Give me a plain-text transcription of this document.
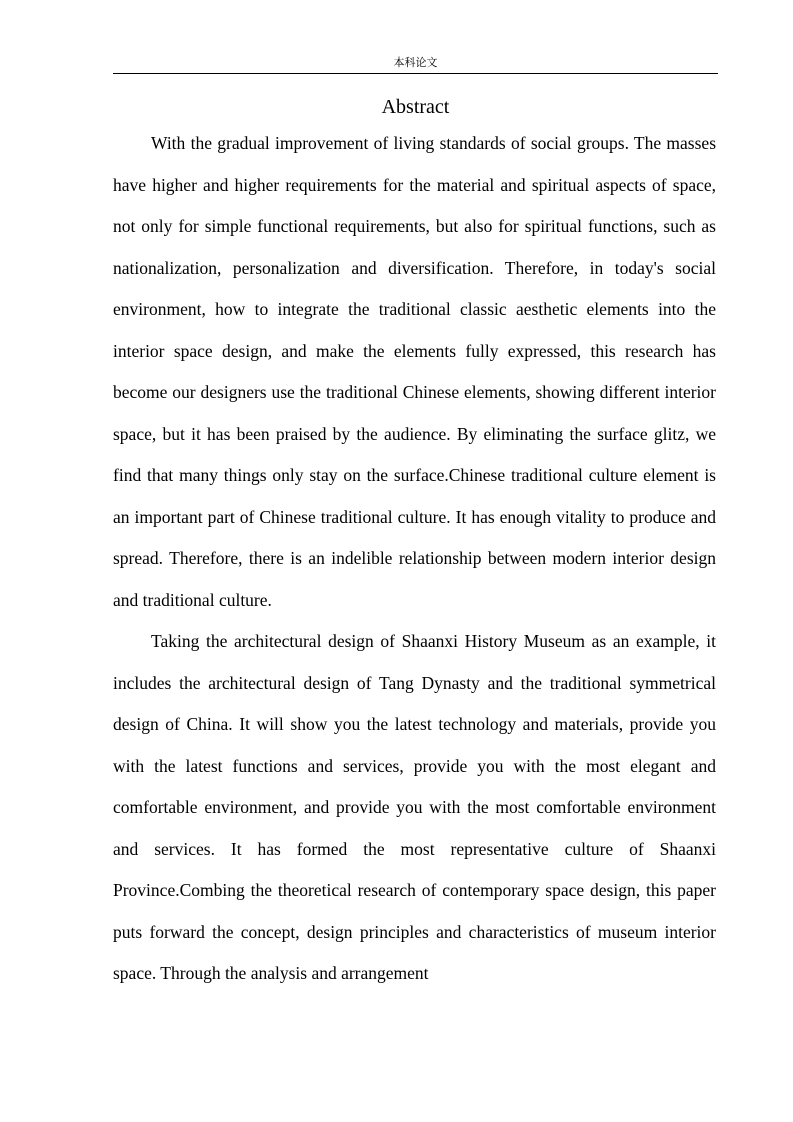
本科论文
Abstract

With the gradual improvement of living standards of social groups. The masses have higher and higher requirements for the material and spiritual aspects of space, not only for simple functional requirements, but also for spiritual functions, such as nationalization, personalization and diversification. Therefore, in today's social environment, how to integrate the traditional classic aesthetic elements into the interior space design, and make the elements fully expressed, this research has become our designers use the traditional Chinese elements, showing different interior space, but it has been praised by the audience. By eliminating the surface glitz, we find that many things only stay on the surface.Chinese traditional culture element is an important part of Chinese traditional culture. It has enough vitality to produce and spread. Therefore, there is an indelible relationship between modern interior design and traditional culture.

Taking the architectural design of Shaanxi History Museum as an example, it includes the architectural design of Tang Dynasty and the traditional symmetrical design of China. It will show you the latest technology and materials, provide you with the latest functions and services, provide you with the most elegant and comfortable environment, and provide you with the most comfortable environment and services. It has formed the most representative culture of Shaanxi Province.Combing the theoretical research of contemporary space design, this paper puts forward the concept, design principles and characteristics of museum interior space. Through the analysis and arrangement
